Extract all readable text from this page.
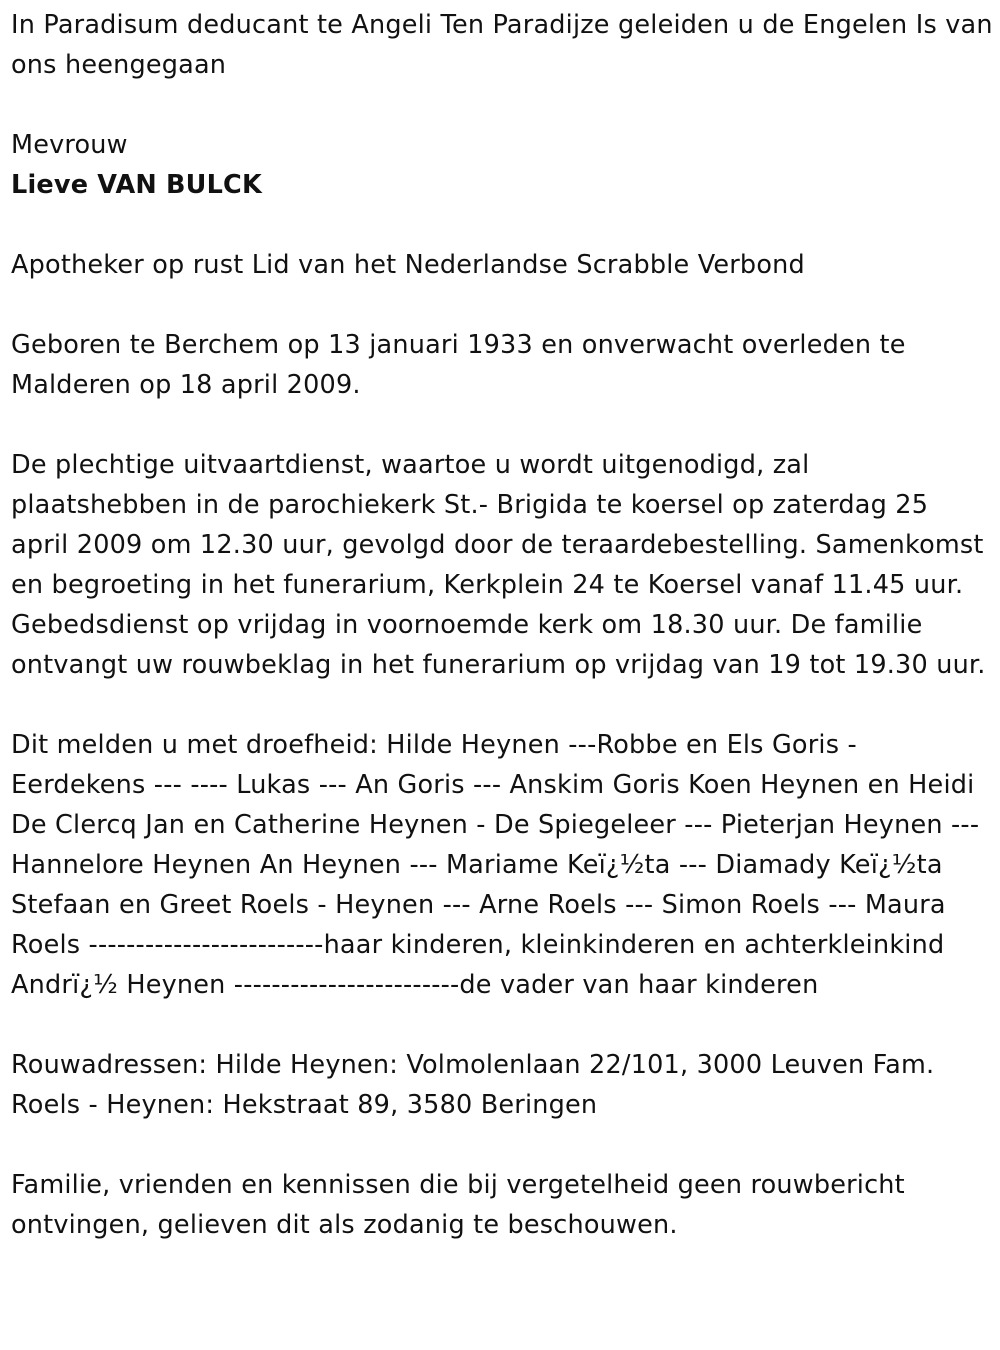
In Paradisum deducant te Angeli Ten Paradijze geleiden u de Engelen Is van ons heengegaan

Mevrouw

Lieve VAN BULCK

Apotheker op rust Lid van het Nederlandse Scrabble Verbond

Geboren te Berchem op 13 januari 1933 en onverwacht overleden te Malderen op 18 april 2009.

De plechtige uitvaartdienst, waartoe u wordt uitgenodigd, zal plaatshebben in de parochiekerk St.- Brigida te koersel op zaterdag 25 april 2009 om 12.30 uur, gevolgd door de teraardebestelling. Samenkomst en begroeting in het funerarium, Kerkplein 24 te Koersel vanaf 11.45 uur. Gebedsdienst op vrijdag in voornoemde kerk om 18.30 uur. De familie ontvangt uw rouwbeklag in het funerarium op vrijdag van 19 tot 19.30 uur.

Dit melden u met droefheid: Hilde Heynen ---Robbe en Els Goris - Eerdekens --- ---- Lukas --- An Goris --- Anskim Goris Koen Heynen en Heidi De Clercq Jan en Catherine Heynen - De Spiegeleer --- Pieterjan Heynen --- Hannelore Heynen An Heynen --- Mariame Keï¿½ta --- Diamady Keï¿½ta Stefaan en Greet Roels - Heynen --- Arne Roels --- Simon Roels --- Maura Roels -------------------------haar kinderen, kleinkinderen en achterkleinkind Andrï¿½ Heynen ------------------------de vader van haar kinderen

Rouwadressen: Hilde Heynen: Volmolenlaan 22/101, 3000 Leuven Fam. Roels - Heynen: Hekstraat 89, 3580 Beringen

Familie, vrienden en kennissen die bij vergetelheid geen rouwbericht ontvingen, gelieven dit als zodanig te beschouwen.
